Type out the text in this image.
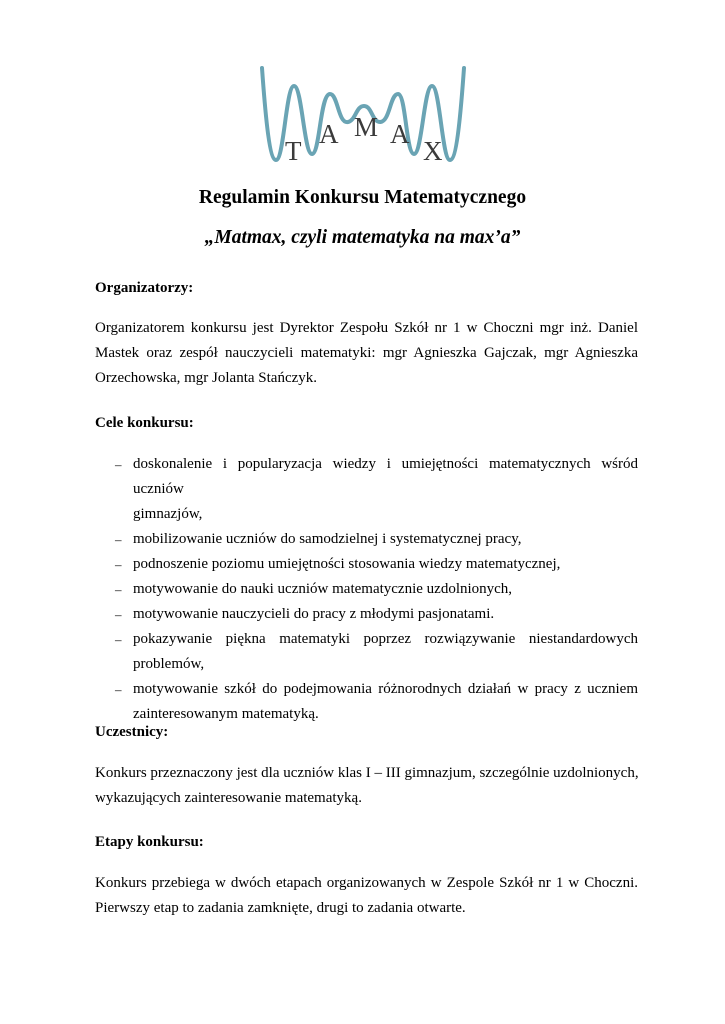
T
A M A
X
Regulamin Konkursu Matematycznego
„Matmax, czyli matematyka na max’a”

Organizatorzy:

Organizatorem konkursu jest Dyrektor Zespołu Szkół nr 1 w Choczni mgr inż. Daniel
Mastek oraz zespół nauczycieli matematyki: mgr Agnieszka Gajczak, mgr Agnieszka
Orzechowska, mgr Jolanta Stańczyk.

Cele konkursu:

– doskonalenie i popularyzacja wiedzy i umiejętności matematycznych wśród uczniów
gimnazjów,
– mobilizowanie uczniów do samodzielnej i systematycznej pracy,
– podnoszenie poziomu umiejętności stosowania wiedzy matematycznej,
– motywowanie do nauki uczniów matematycznie uzdolnionych,
– motywowanie nauczycieli do pracy z młodymi pasjonatami.
– pokazywanie piękna matematyki poprzez rozwiązywanie niestandardowych
problemów,
– motywowanie szkół do podejmowania różnorodnych działań w pracy z uczniem
zainteresowanym matematyką.

Uczestnicy:

Konkurs przeznaczony jest dla uczniów klas I – III gimnazjum, szczególnie uzdolnionych,
wykazujących zainteresowanie matematyką.

Etapy konkursu:

Konkurs przebiega w dwóch etapach organizowanych w Zespole Szkół nr 1 w Choczni.
Pierwszy etap to zadania zamknięte, drugi to zadania otwarte.
